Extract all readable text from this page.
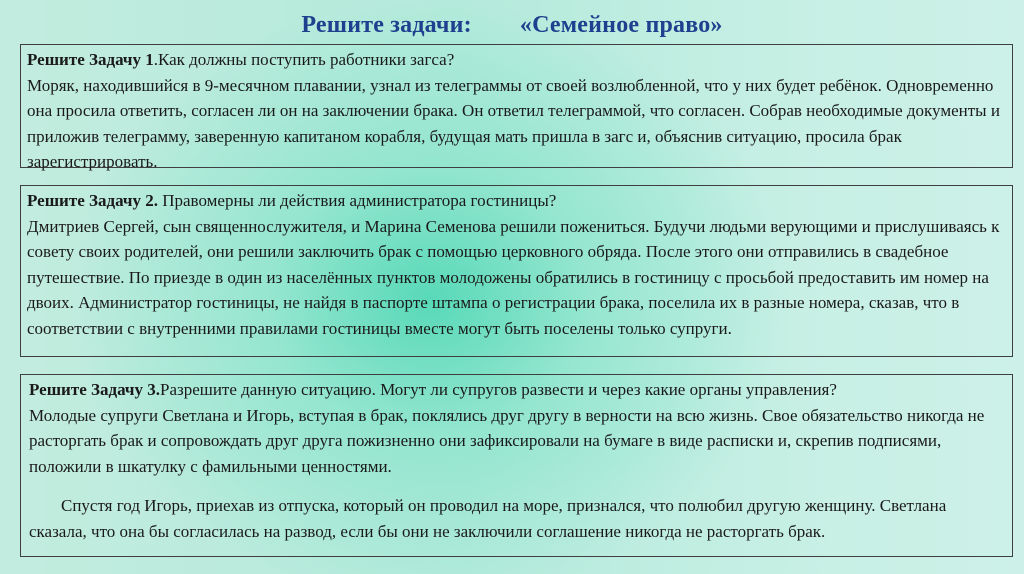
Решите задачи: «Семейное право»

Решите Задачу 1.Как должны поступить работники загса?

Моряк, находившийся в 9-месячном плавании, узнал из телеграммы от своей возлюбленной, что у них будет ребёнок. Одновременно она просила ответить, согласен ли он на заключении брака. Он ответил телеграммой, что согласен. Собрав необходимые документы и приложив телеграмму, заверенную капитаном корабля, будущая мать пришла в загс и, объяснив ситуацию, просила брак зарегистрировать.

Решите Задачу 2. Правомерны ли действия администратора гостиницы?

Дмитриев Сергей, сын священнослужителя, и Марина Семенова решили пожениться. Будучи людьми верующими и прислушиваясь к совету своих родителей, они решили заключить брак с помощью церковного обряда. После этого они отправились в свадебное путешествие. По приезде в один из населённых пунктов молодожены обратились в гостиницу с просьбой предоставить им номер на двоих. Администратор гостиницы, не найдя в паспорте штампа о регистрации брака, поселила их в разные номера, сказав, что в соответствии с внутренними правилами гостиницы вместе могут быть поселены только супруги.

Решите Задачу 3.Разрешите данную ситуацию. Могут ли супругов развести и через какие органы управления?

Молодые супруги Светлана и Игорь, вступая в брак, поклялись друг другу в верности на всю жизнь. Свое обязательство никогда не расторгать брак и сопровождать друг друга пожизненно они зафиксировали на бумаге в виде расписки и, скрепив подписями, положили в шкатулку с фамильными ценностями.

Спустя год Игорь, приехав из отпуска, который он проводил на море, признался, что полюбил другую женщину. Светлана сказала, что она бы согласилась на развод, если бы они не заключили соглашение никогда не расторгать брак.
